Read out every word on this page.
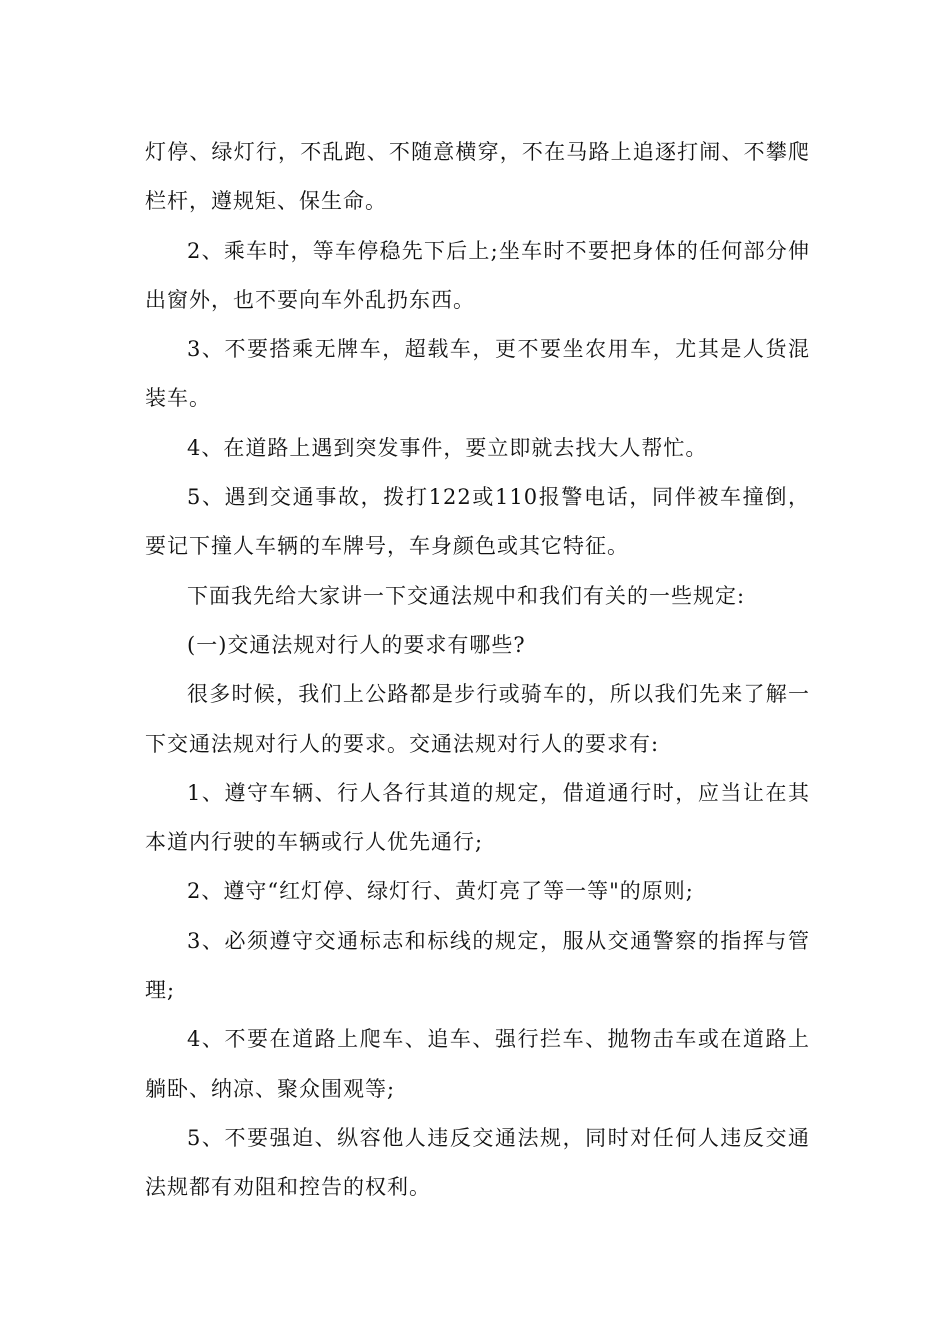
灯停、绿灯行，不乱跑、不随意横穿，不在马路上追逐打闹、不攀爬栏杆，遵规矩、保生命。

2、乘车时，等车停稳先下后上;坐车时不要把身体的任何部分伸出窗外，也不要向车外乱扔东西。

3、不要搭乘无牌车，超载车，更不要坐农用车，尤其是人货混装车。

4、在道路上遇到突发事件，要立即就去找大人帮忙。

5、遇到交通事故，拨打122或110报警电话，同伴被车撞倒，要记下撞人车辆的车牌号，车身颜色或其它特征。

下面我先给大家讲一下交通法规中和我们有关的一些规定:

(一)交通法规对行人的要求有哪些?

很多时候，我们上公路都是步行或骑车的，所以我们先来了解一下交通法规对行人的要求。交通法规对行人的要求有:

1、遵守车辆、行人各行其道的规定，借道通行时，应当让在其本道内行驶的车辆或行人优先通行;

2、遵守“红灯停、绿灯行、黄灯亮了等一等"的原则;

3、必须遵守交通标志和标线的规定，服从交通警察的指挥与管理;

4、不要在道路上爬车、追车、强行拦车、抛物击车或在道路上躺卧、纳凉、聚众围观等;

5、不要强迫、纵容他人违反交通法规，同时对任何人违反交通法规都有劝阻和控告的权利。
